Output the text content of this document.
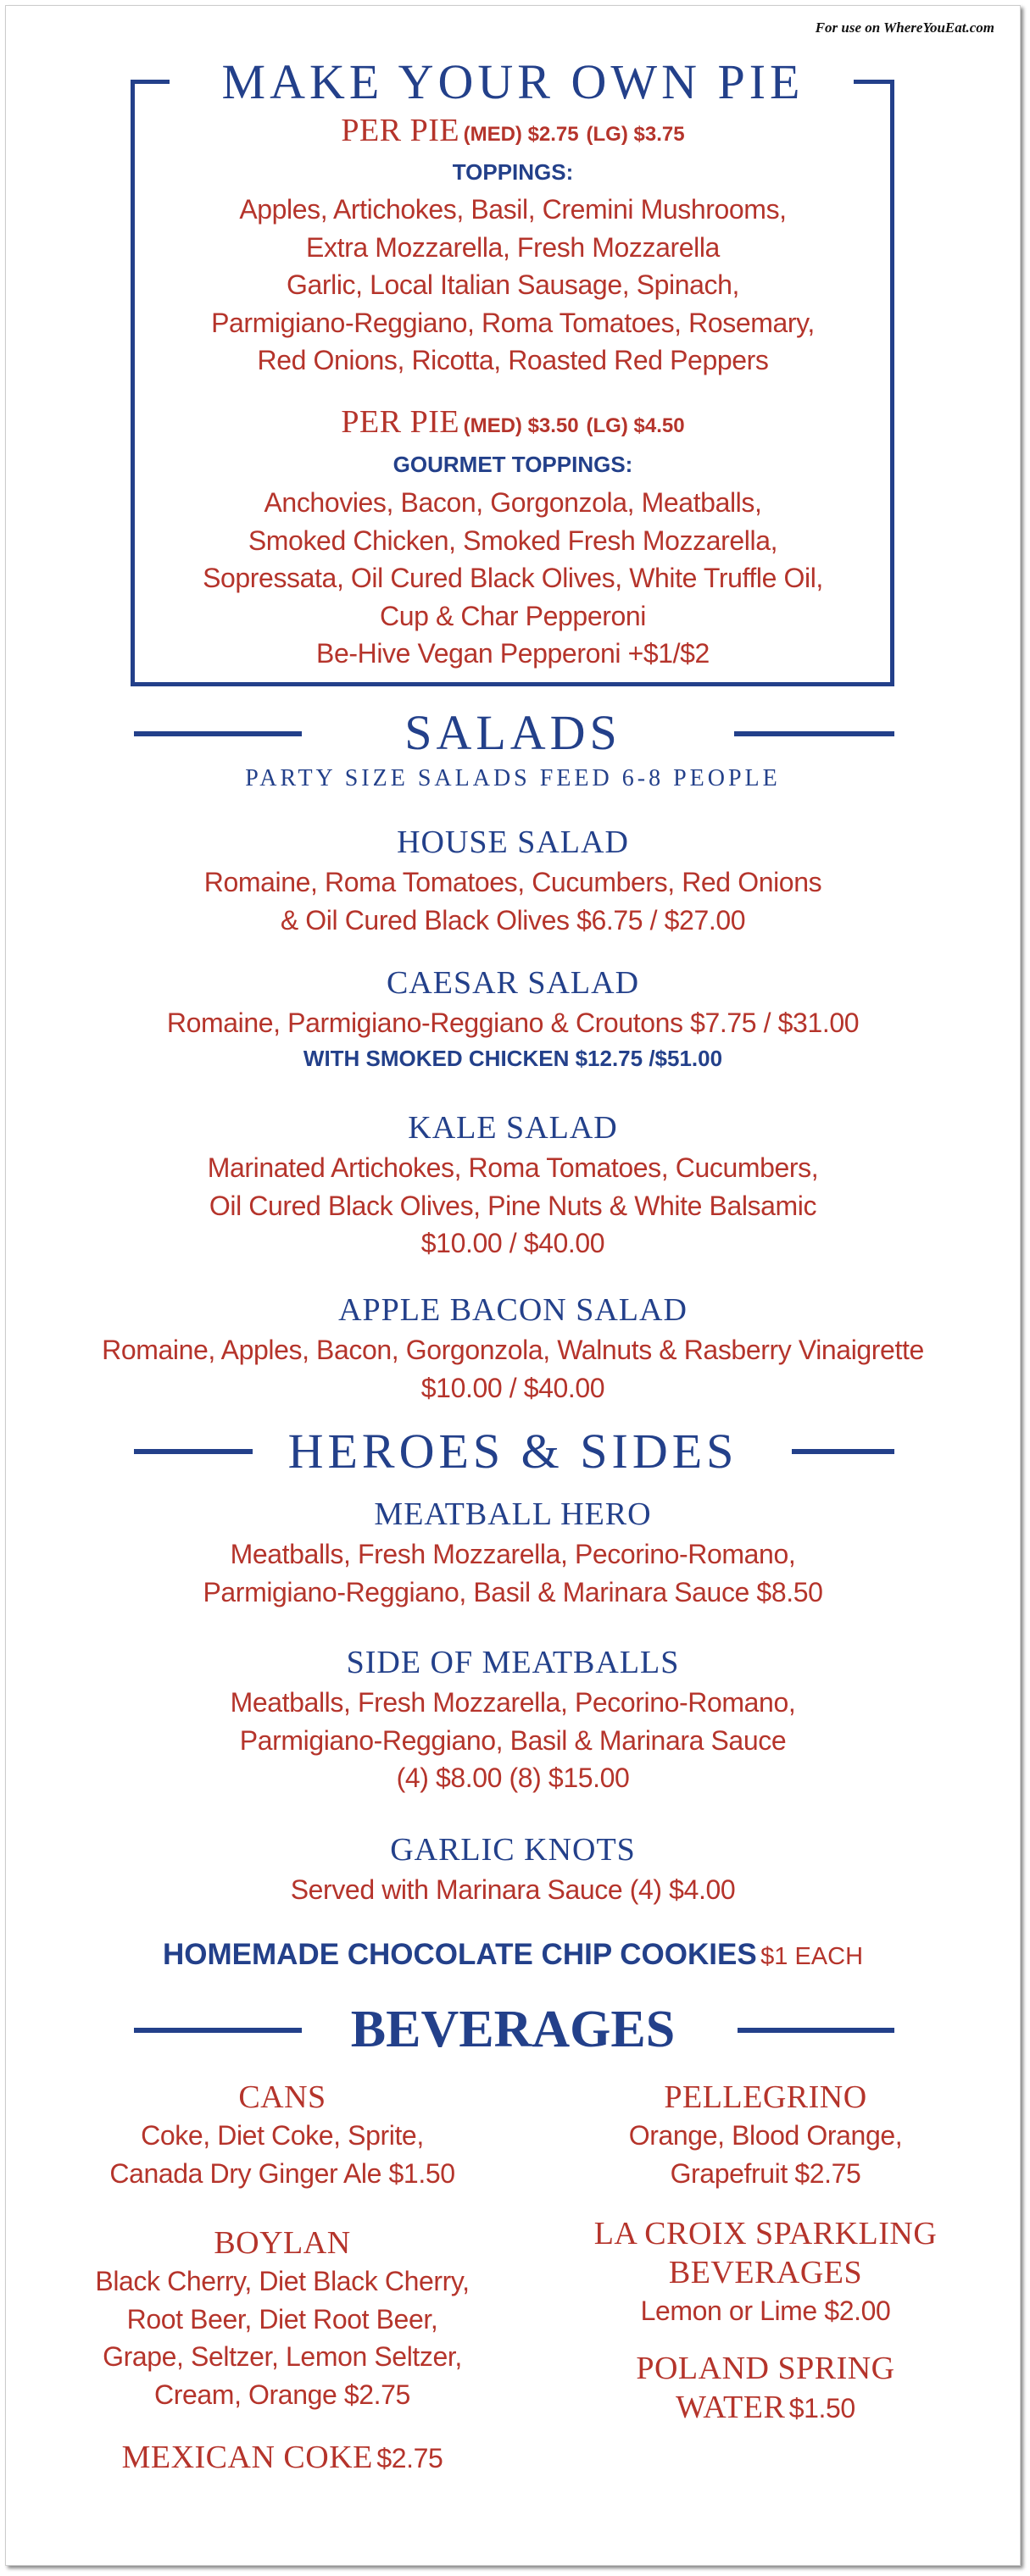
For use on WhereYouEat.com
MAKE YOUR OWN PIE
PER PIE (MED) $2.75 (LG) $3.75
TOPPINGS:
Apples, Artichokes, Basil, Cremini Mushrooms,
Extra Mozzarella, Fresh Mozzarella
Garlic, Local Italian Sausage, Spinach,
Parmigiano-Reggiano, Roma Tomatoes, Rosemary,
Red Onions, Ricotta, Roasted Red Peppers
PER PIE (MED) $3.50 (LG) $4.50
GOURMET TOPPINGS:
Anchovies, Bacon, Gorgonzola, Meatballs,
Smoked Chicken, Smoked Fresh Mozzarella,
Sopressata, Oil Cured Black Olives, White Truffle Oil,
Cup & Char Pepperoni
Be-Hive Vegan Pepperoni +$1/$2
SALADS
PARTY SIZE SALADS FEED 6-8 PEOPLE
HOUSE SALAD
Romaine, Roma Tomatoes, Cucumbers, Red Onions
& Oil Cured Black Olives $6.75 / $27.00
CAESAR SALAD
Romaine, Parmigiano-Reggiano & Croutons $7.75 / $31.00
WITH SMOKED CHICKEN $12.75 /$51.00
KALE SALAD
Marinated Artichokes, Roma Tomatoes, Cucumbers,
Oil Cured Black Olives, Pine Nuts & White Balsamic
$10.00 / $40.00
APPLE BACON SALAD
Romaine, Apples, Bacon, Gorgonzola, Walnuts & Rasberry Vinaigrette
$10.00 / $40.00
HEROES & SIDES
MEATBALL HERO
Meatballs, Fresh Mozzarella, Pecorino-Romano,
Parmigiano-Reggiano, Basil & Marinara Sauce $8.50
SIDE OF MEATBALLS
Meatballs, Fresh Mozzarella, Pecorino-Romano,
Parmigiano-Reggiano, Basil & Marinara Sauce
(4) $8.00 (8) $15.00
GARLIC KNOTS
Served with Marinara Sauce (4) $4.00
HOMEMADE CHOCOLATE CHIP COOKIES $1 EACH
BEVERAGES
CANS
Coke, Diet Coke, Sprite,
Canada Dry Ginger Ale $1.50
BOYLAN
Black Cherry, Diet Black Cherry,
Root Beer, Diet Root Beer,
Grape, Seltzer, Lemon Seltzer,
Cream, Orange $2.75
MEXICAN COKE $2.75
PELLEGRINO
Orange, Blood Orange,
Grapefruit $2.75
LA CROIX SPARKLING
BEVERAGES
Lemon or Lime $2.00
POLAND SPRING
WATER $1.50
